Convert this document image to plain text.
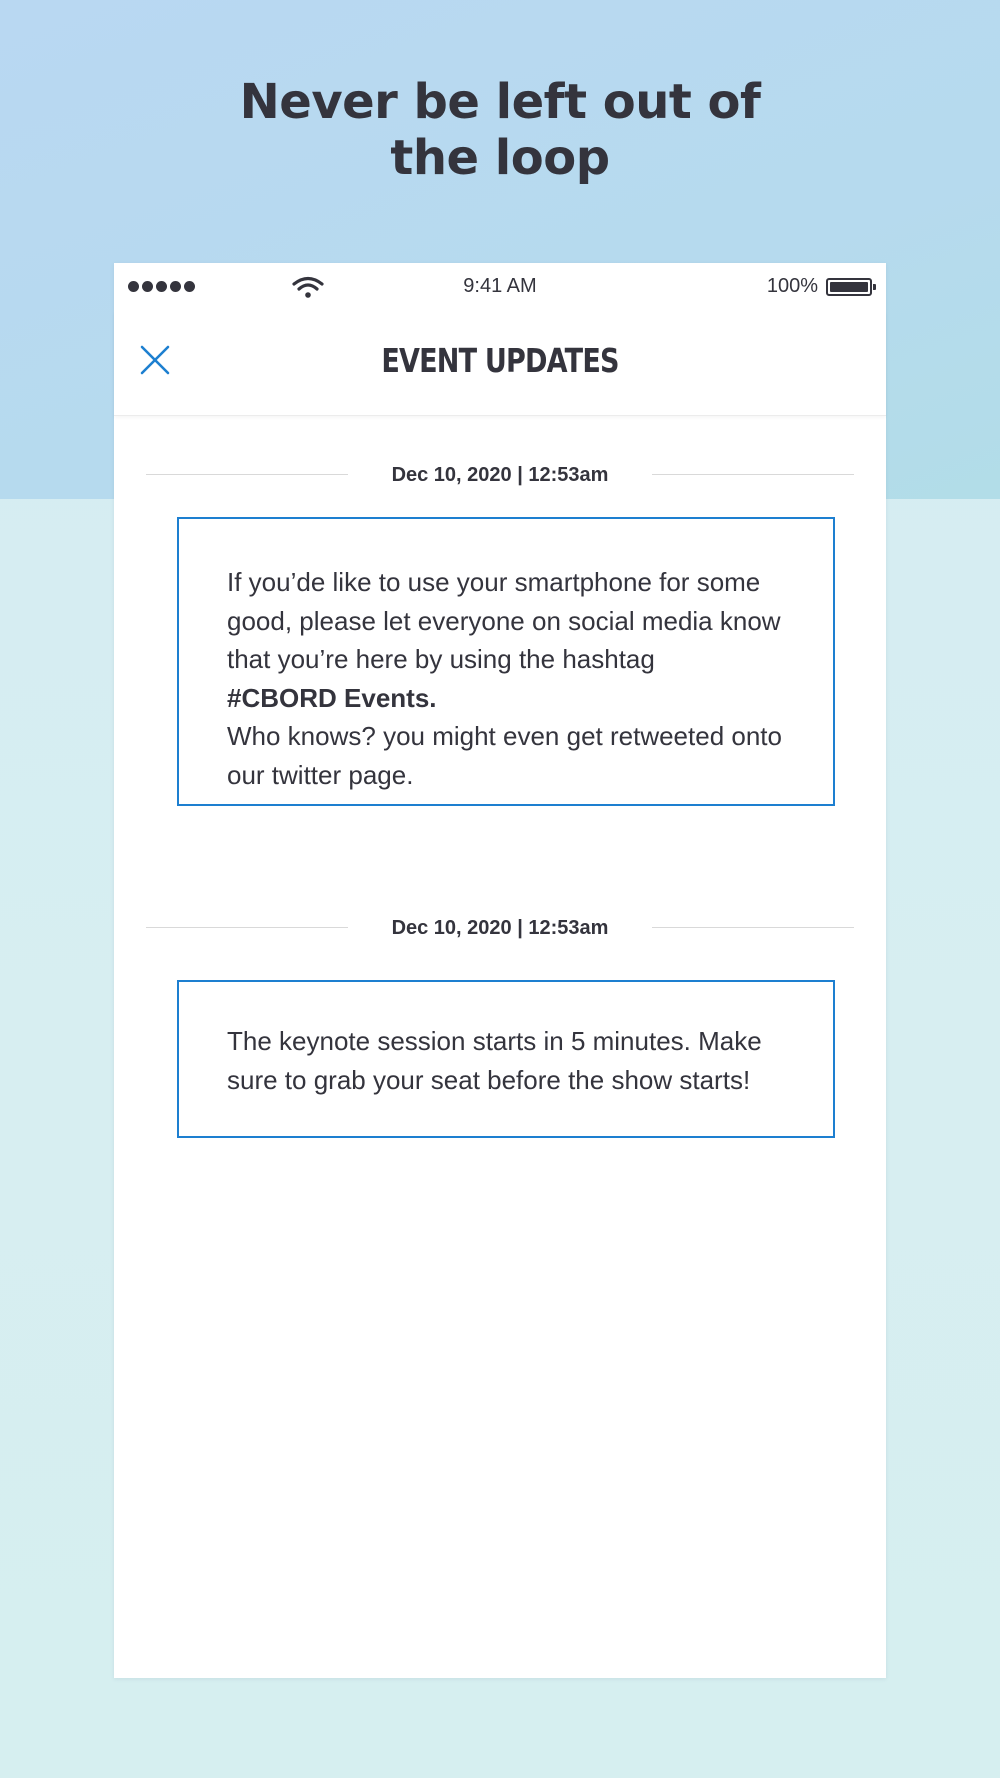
Never be left out of
the loop
9:41 AM	100%
EVENT UPDATES
Dec 10, 2020 | 12:53am
If you’de like to use your smartphone for some good, please let everyone on social media know that you’re here by using the hashtag
#CBORD Events.
Who knows? you might even get retweeted onto our twitter page.
Dec 10, 2020 | 12:53am
The keynote session starts in 5 minutes. Make sure to grab your seat before the show starts!
